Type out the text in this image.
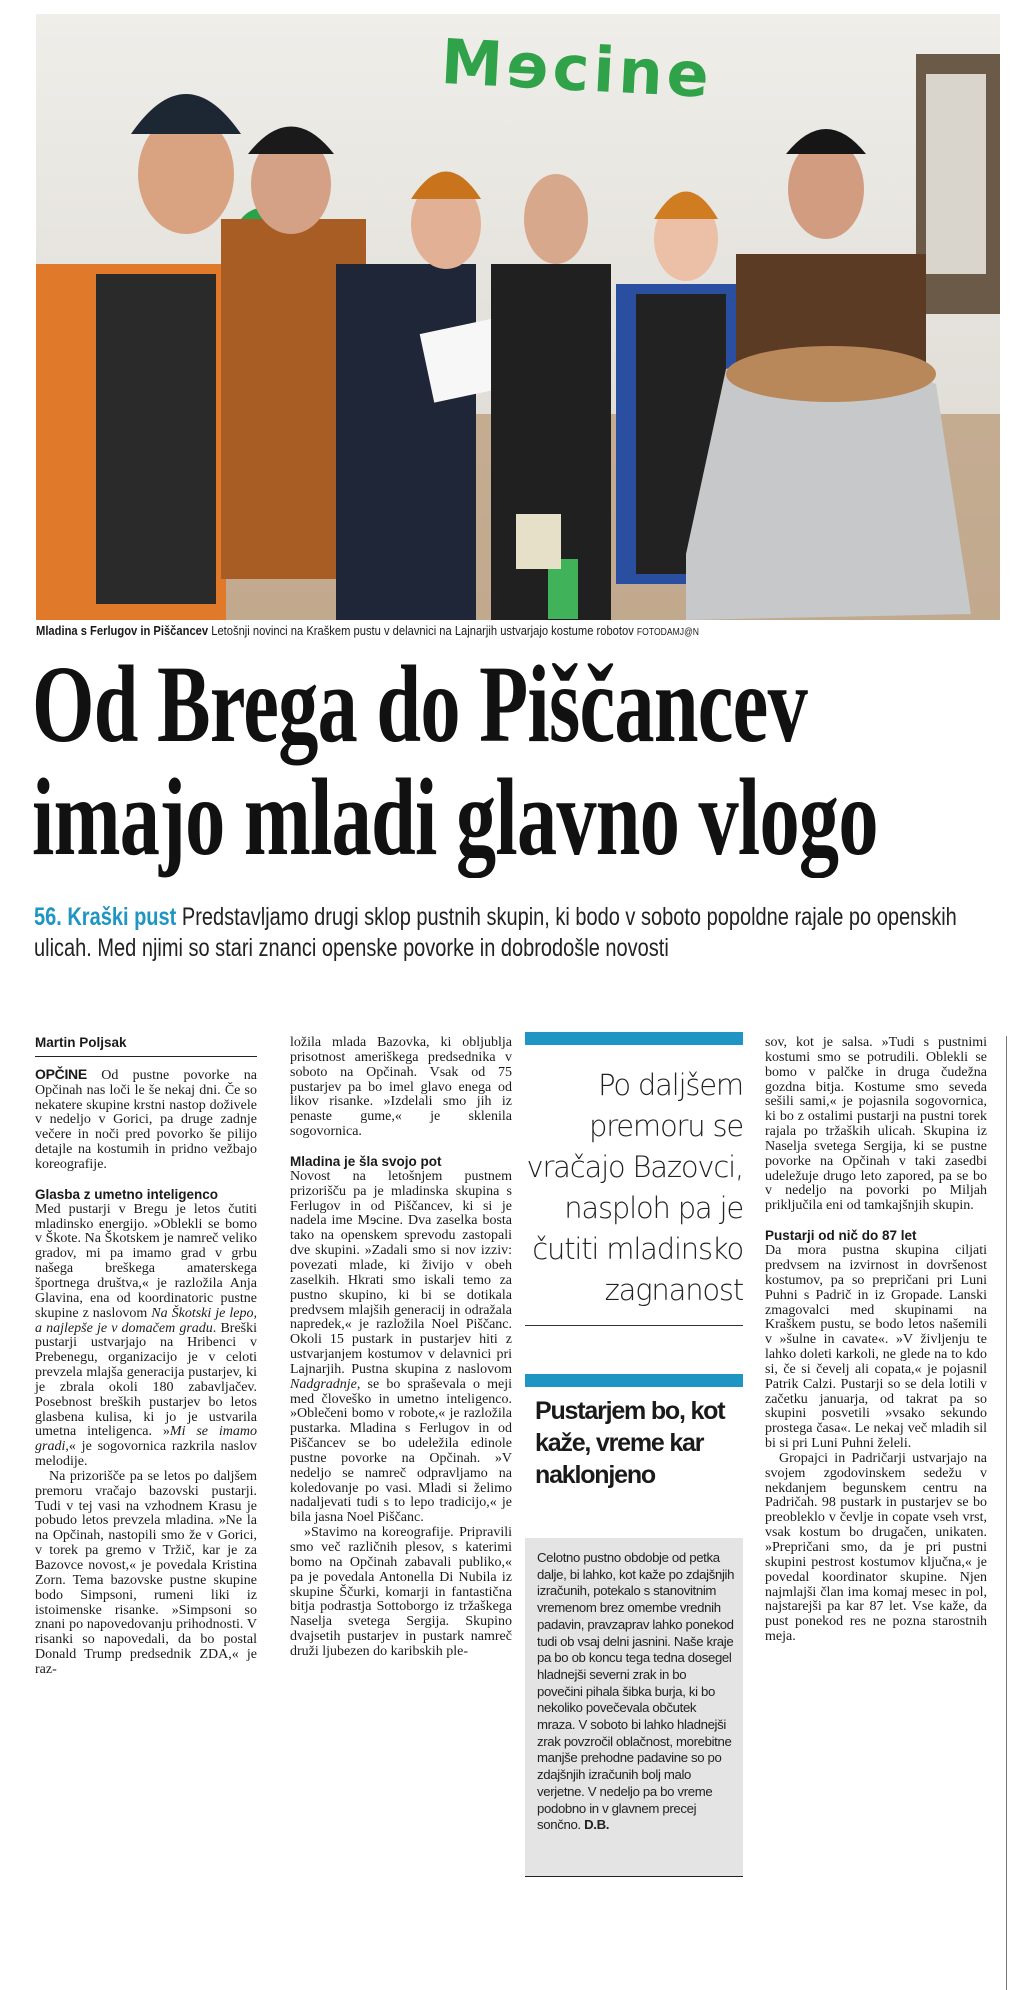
Mɘcine
Mladina s Ferlugov in Piščancev Letošnji novinci na Kraškem pustu v delavnici na Lajnarjih ustvarjajo kostume robotov FOTODAMJ@N
Od Brega do Piščancev
imajo mladi glavno vlogo
56. Kraški pust Predstavljamo drugi sklop pustnih skupin, ki bodo v soboto popoldne rajale po openskih ulicah. Med njimi so stari znanci openske povorke in dobrodošle novosti
Martin Poljsak

OPČINE Od pustne povorke na Opčinah nas loči le še nekaj dni. Če so nekatere skupine krstni nastop doživele v nedeljo v Gorici, pa druge zadnje večere in noči pred povorko še pilijo detajle na kostumih in pridno vežbajo koreografije.

Glasba z umetno inteligenco

Med pustarji v Bregu je letos čutiti mladinsko energijo. »Oblekli se bomo v Škote. Na Škotskem je namreč veliko gradov, mi pa imamo grad v grbu našega breškega amaterskega športnega društva,« je razložila Anja Glavina, ena od koordinatoric pustne skupine z naslovom Na Škotski je lepo, a najlepše je v domačem gradu. Breški pustarji ustvarjajo na Hribenci v Prebenegu, organizacijo je v celoti prevzela mlajša generacija pustarjev, ki je zbrala okoli 180 zabavljačev. Posebnost breških pustarjev bo letos glasbena kulisa, ki jo je ustvarila umetna inteligenca. »Mi se imamo gradi,« je sogovornica razkrila naslov melodije.

Na prizorišče pa se letos po daljšem premoru vračajo bazovski pustarji. Tudi v tej vasi na vzhodnem Krasu je pobudo letos prevzela mladina. »Ne la na Opčinah, nastopili smo že v Gorici, v torek pa gremo v Tržič, kar je za Bazovce novost,« je povedala Kristina Zorn. Tema bazovske pustne skupine bodo Simpsoni, rumeni liki iz istoimenske risanke. »Simpsoni so znani po napovedovanju prihodnosti. V risanki so napovedali, da bo postal Donald Trump predsednik ZDA,« je raz-

ložila mlada Bazovka, ki obljublja prisotnost ameriškega predsednika v soboto na Opčinah. Vsak od 75 pustarjev pa bo imel glavo enega od likov risanke. »Izdelali smo jih iz penaste gume,« je sklenila sogovornica.

Mladina je šla svojo pot

Novost na letošnjem pustnem prizorišču pa je mladinska skupina s Ferlugov in od Piščancev, ki si je nadela ime Mɘcine. Dva zaselka bosta tako na openskem sprevodu zastopali dve skupini. »Zadali smo si nov izziv: povezati mlade, ki živijo v obeh zaselkih. Hkrati smo iskali temo za pustno skupino, ki bi se dotikala predvsem mlajših generacij in odražala napredek,« je razložila Noel Piščanc. Okoli 15 pustark in pustarjev hiti z ustvarjanjem kostumov v delavnici pri Lajnarjih. Pustna skupina z naslovom Nadgradnje, se bo spraševala o meji med človeško in umetno inteligenco. »Oblečeni bomo v robote,« je razložila pustarka. Mladina s Ferlugov in od Piščancev se bo udeležila edinole pustne povorke na Opčinah. »V nedeljo se namreč odpravljamo na koledovanje po vasi. Mladi si želimo nadaljevati tudi s to lepo tradicijo,« je bila jasna Noel Piščanc.

»Stavimo na koreografije. Pripravili smo več različnih plesov, s katerimi bomo na Opčinah zabavali publiko,« pa je povedala Antonella Di Nubila iz skupine Ščurki, komarji in fantastična bitja podrastja Sottoborgo iz tržaškega Naselja svetega Sergija. Skupino dvajsetih pustarjev in pustark namreč druži ljubezen do karibskih ple-

sov, kot je salsa. »Tudi s pustnimi kostumi smo se potrudili. Oblekli se bomo v palčke in druga čudežna gozdna bitja. Kostume smo seveda sešili sami,« je pojasnila sogovornica, ki bo z ostalimi pustarji na pustni torek rajala po tržaških ulicah. Skupina iz Naselja svetega Sergija, ki se pustne povorke na Opčinah v taki zasedbi udeležuje drugo leto zapored, pa se bo v nedeljo na povorki po Miljah priključila eni od tamkajšnjih skupin.

Pustarji od nič do 87 let

Da mora pustna skupina ciljati predvsem na izvirnost in dovršenost kostumov, pa so prepričani pri Luni Puhni s Padrič in iz Gropade. Lanski zmagovalci med skupinami na Kraškem pustu, se bodo letos našemili v »šulne in cavate«. »V življenju te lahko doleti karkoli, ne glede na to kdo si, če si čevelj ali copata,« je pojasnil Patrik Calzi. Pustarji so se dela lotili v začetku januarja, od takrat pa so skupini posvetili »vsako sekundo prostega časa«. Le nekaj več mladih sil bi si pri Luni Puhni želeli.

Gropajci in Padričarji ustvarjajo na svojem zgodovinskem sedežu v nekdanjem begunskem centru na Padričah. 98 pustark in pustarjev se bo preobleklo v čevlje in copate vseh vrst, vsak kostum bo drugačen, unikaten. »Prepričani smo, da je pri pustni skupini pestrost kostumov ključna,« je povedal koordinator skupine. Njen najmlajši član ima komaj mesec in pol, najstarejši pa kar 87 let. Vse kaže, da pust ponekod res ne pozna starostnih meja.

Po daljšem
premoru se
vračajo Bazovci,
nasploh pa je
čutiti mladinsko
zagnanost
Pustarjem bo, kot kaže, vreme kar naklonjeno
Celotno pustno obdobje od petka dalje, bi lahko, kot kaže po zdajšnjih izračunih, potekalo s stanovitnim vremenom brez omembe vrednih padavin, pravzaprav lahko ponekod tudi ob vsaj delni jasnini. Naše kraje pa bo ob koncu tega tedna dosegel hladnejši severni zrak in bo povečini pihala šibka burja, ki bo nekoliko povečevala občutek mraza. V soboto bi lahko hladnejši zrak povzročil oblačnost, morebitne manjše prehodne padavine so po zdajšnjih izračunih bolj malo verjetne. V nedeljo pa bo vreme podobno in v glavnem precej sončno. D.B.
